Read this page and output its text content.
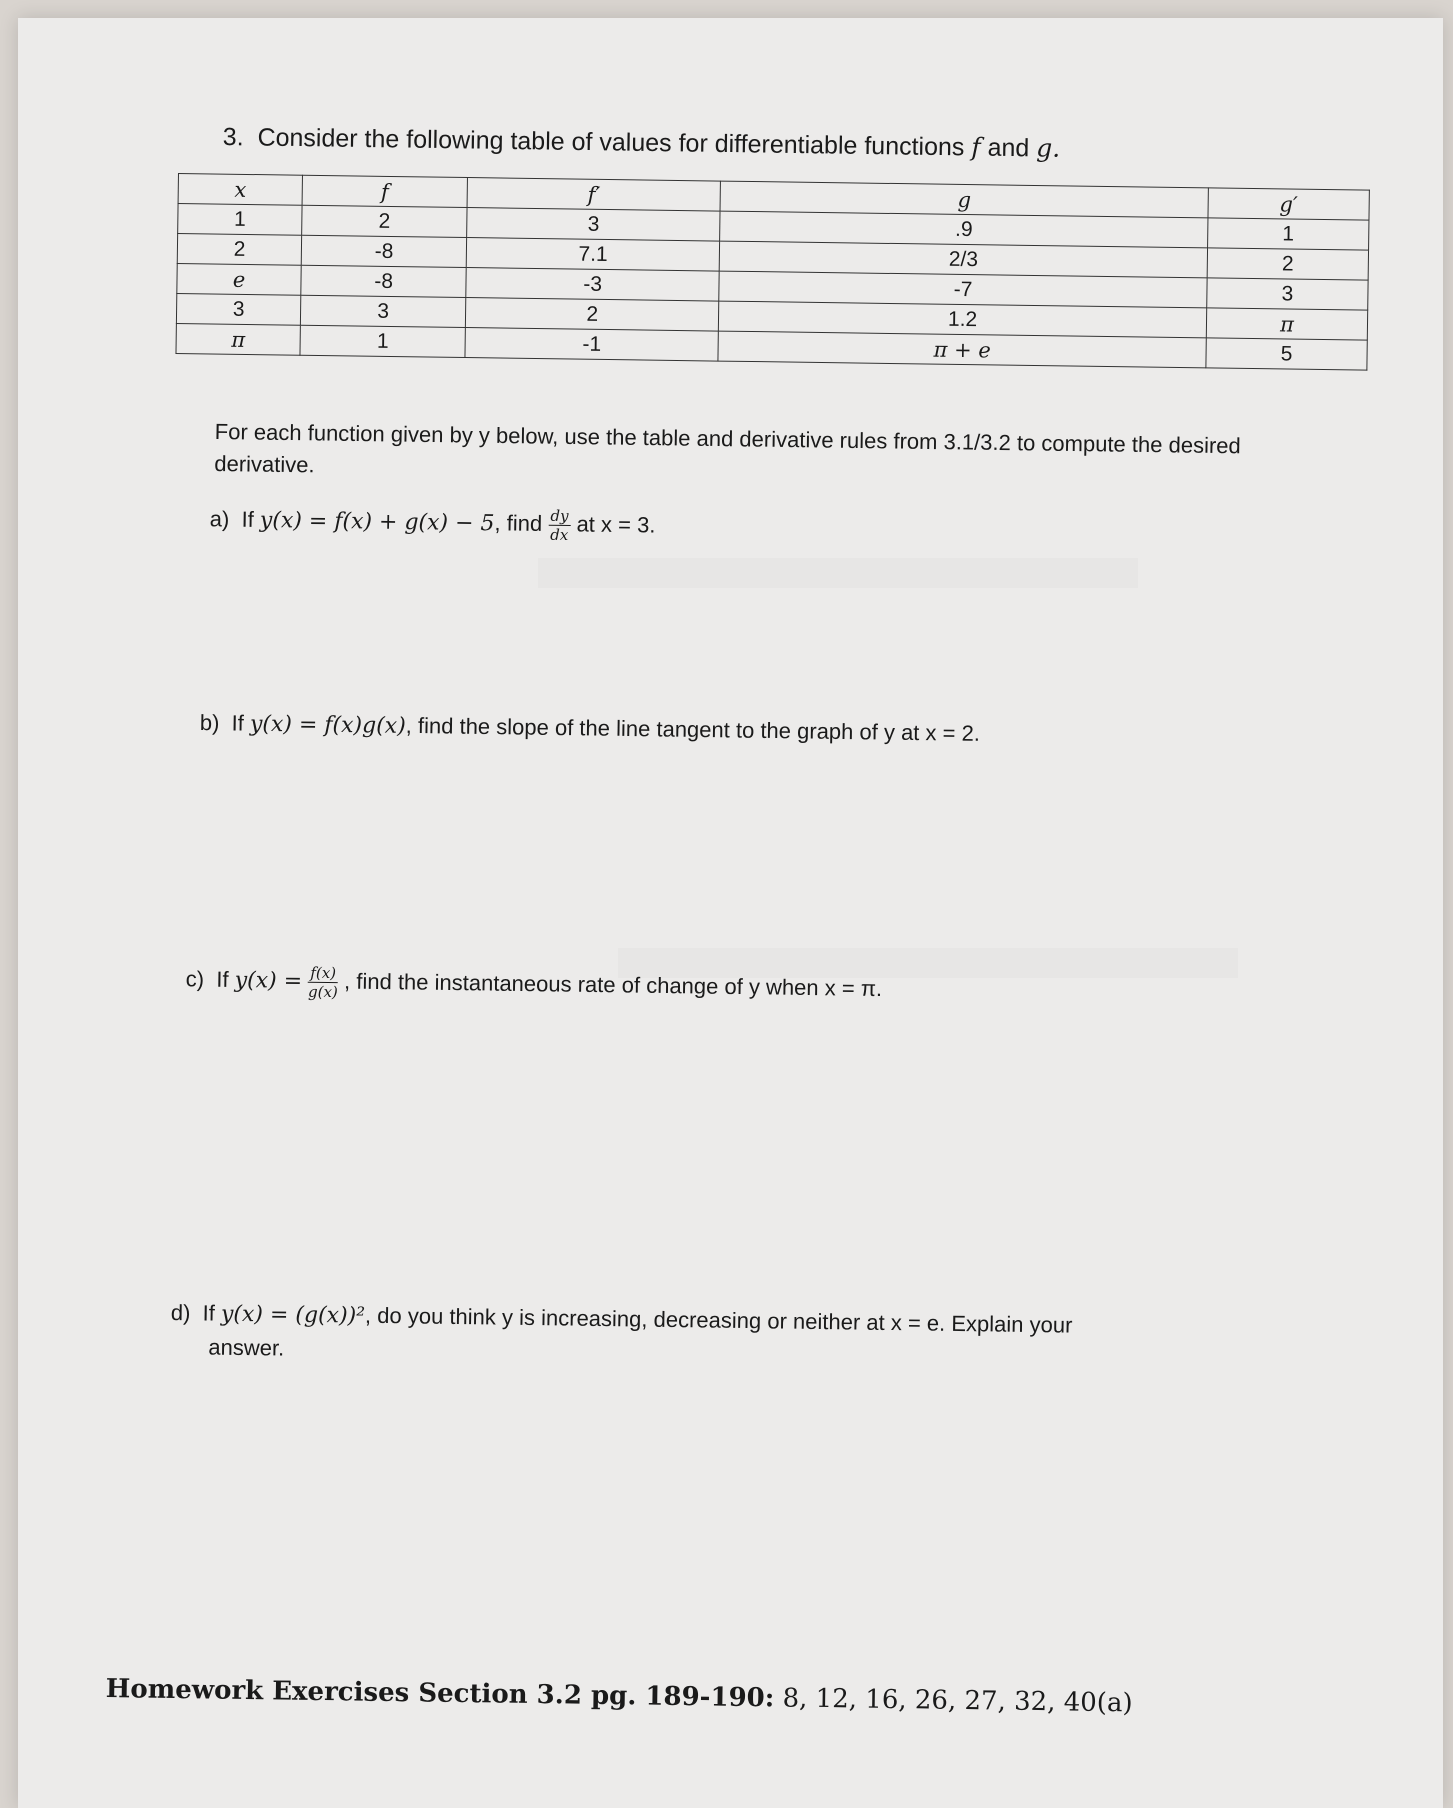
3. Consider the following table of values for differentiable functions f and g.
x	f	f′	g	g′
1	2	3	.9	1
2	-8	7.1	2/3	2
e	-8	-3	-7	3
3	3	2	1.2	π
π	1	-1	π + e	5
For each function given by y below, use the table and derivative rules from 3.1/3.2 to compute the desired derivative.
a) If y(x) = f(x) + g(x) − 5, find $\frac{dy}{dx}$ at x = 3.
b) If y(x) = f(x)g(x), find the slope of the line tangent to the graph of y at x = 2.
c) If $y(x) = \frac{f(x)}{g(x)}$ , find the instantaneous rate of change of y when x = π.
d) If y(x) = (g(x))², do you think y is increasing, decreasing or neither at x = e. Explain your
answer.
Homework Exercises Section 3.2 pg. 189-190: 8, 12, 16, 26, 27, 32, 40(a)
